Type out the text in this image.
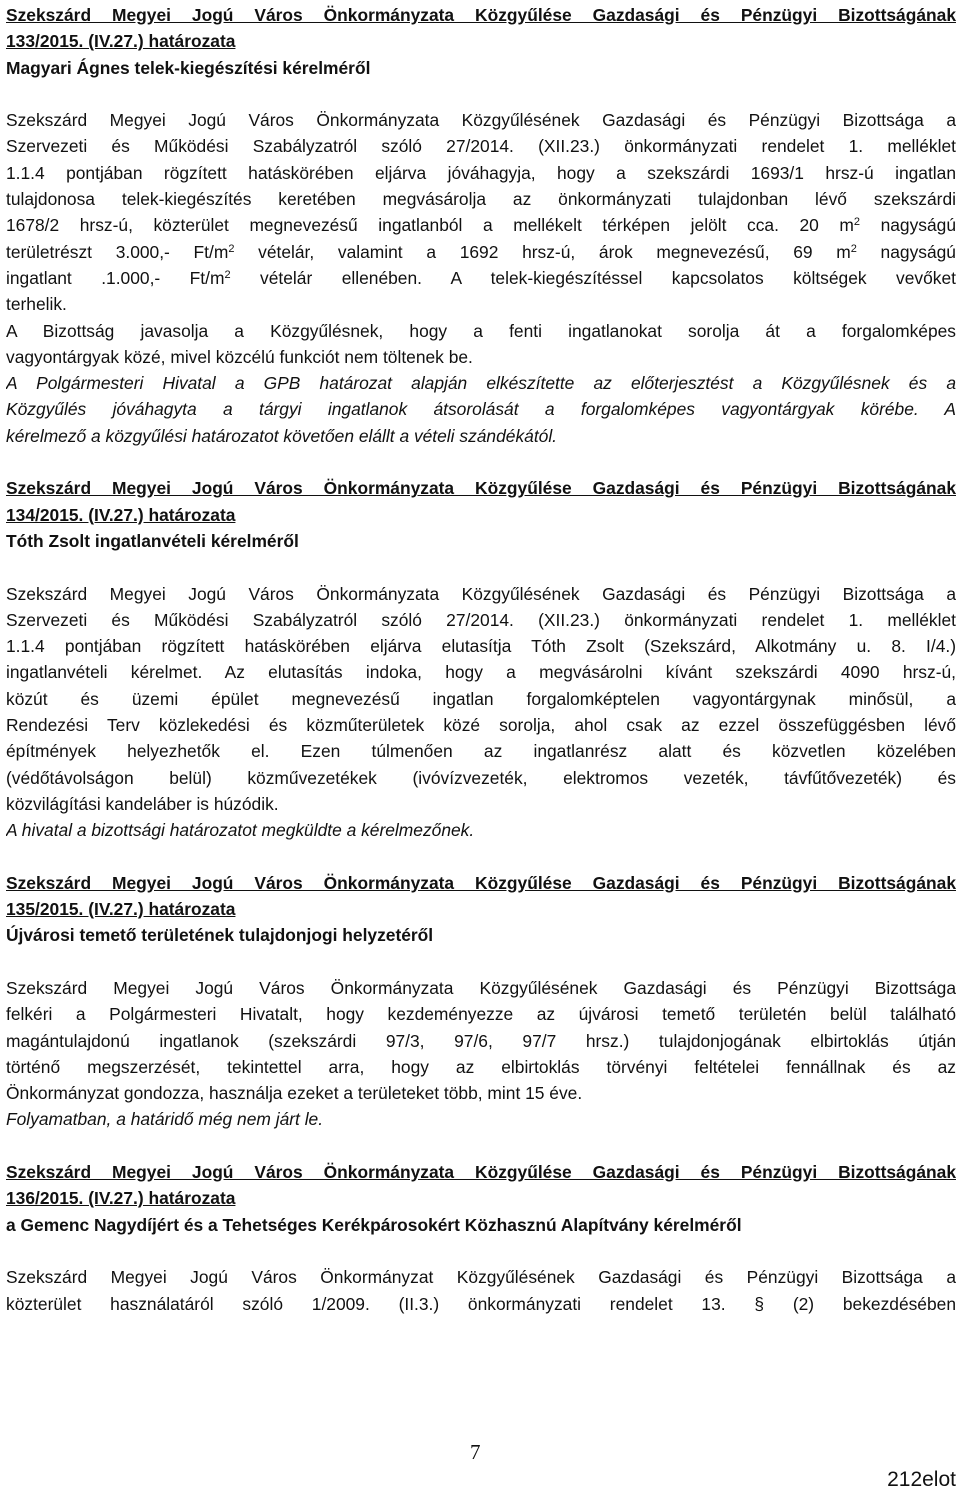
Szekszárd Megyei Jogú Város Önkormányzata Közgyűlése Gazdasági és Pénzügyi Bizottságának
133/2015. (IV.27.) határozata
Magyari Ágnes telek-kiegészítési kérelméről
Szekszárd Megyei Jogú Város Önkormányzata Közgyűlésének Gazdasági és Pénzügyi Bizottsága a
Szervezeti és Működési Szabályzatról szóló 27/2014. (XII.23.) önkormányzati rendelet 1. melléklet
1.1.4 pontjában rögzített hatáskörében eljárva jóváhagyja, hogy a szekszárdi 1693/1 hrsz-ú ingatlan
tulajdonosa telek-kiegészítés keretében megvásárolja az önkormányzati tulajdonban lévő szekszárdi
1678/2 hrsz-ú, közterület megnevezésű ingatlanból a mellékelt térképen jelölt cca. 20 $m^2$ nagyságú
területrészt 3.000,- $Ft/m^2$ vételár, valamint a 1692 hrsz-ú, árok megnevezésű, 69 $m^2$ nagyságú
ingatlant .1.000,- $Ft/m^2$ vételár ellenében. A telek-kiegészítéssel kapcsolatos költségek vevőket
terhelik.
A Bizottság javasolja a Közgyűlésnek, hogy a fenti ingatlanokat sorolja át a forgalomképes
vagyontárgyak közé, mivel közcélú funkciót nem töltenek be.
A Polgármesteri Hivatal a GPB határozat alapján elkészítette az előterjesztést a Közgyűlésnek és a
Közgyűlés jóváhagyta a tárgyi ingatlanok átsorolását a forgalomképes vagyontárgyak körébe. A
kérelmező a közgyűlési határozatot követően elállt a vételi szándékától.
Szekszárd Megyei Jogú Város Önkormányzata Közgyűlése Gazdasági és Pénzügyi Bizottságának
134/2015. (IV.27.) határozata
Tóth Zsolt ingatlanvételi kérelméről
Szekszárd Megyei Jogú Város Önkormányzata Közgyűlésének Gazdasági és Pénzügyi Bizottsága a
Szervezeti és Működési Szabályzatról szóló 27/2014. (XII.23.) önkormányzati rendelet 1. melléklet
1.1.4 pontjában rögzített hatáskörében eljárva elutasítja Tóth Zsolt (Szekszárd, Alkotmány u. 8. I/4.)
ingatlanvételi kérelmet. Az elutasítás indoka, hogy a megvásárolni kívánt szekszárdi 4090 hrsz-ú,
közút és üzemi épület megnevezésű ingatlan forgalomképtelen vagyontárgynak minősül, a
Rendezési Terv közlekedési és közműterületek közé sorolja, ahol csak az ezzel összefüggésben lévő
építmények helyezhetők el. Ezen túlmenően az ingatlanrész alatt és közvetlen közelében
(védőtávolságon belül) közművezetékek (ivóvízvezeték, elektromos vezeték, távfűtővezeték) és
közvilágítási kandeláber is húzódik.
A hivatal a bizottsági határozatot megküldte a kérelmezőnek.
Szekszárd Megyei Jogú Város Önkormányzata Közgyűlése Gazdasági és Pénzügyi Bizottságának
135/2015. (IV.27.) határozata
Újvárosi temető területének tulajdonjogi helyzetéről
Szekszárd Megyei Jogú Város Önkormányzata Közgyűlésének Gazdasági és Pénzügyi Bizottsága
felkéri a Polgármesteri Hivatalt, hogy kezdeményezze az újvárosi temető területén belül található
magántulajdonú ingatlanok (szekszárdi 97/3, 97/6, 97/7 hrsz.) tulajdonjogának elbirtoklás útján
történő megszerzését, tekintettel arra, hogy az elbirtoklás törvényi feltételei fennállnak és az
Önkormányzat gondozza, használja ezeket a területeket több, mint 15 éve.
Folyamatban, a határidő még nem járt le.
Szekszárd Megyei Jogú Város Önkormányzata Közgyűlése Gazdasági és Pénzügyi Bizottságának
136/2015. (IV.27.) határozata
a Gemenc Nagydíjért és a Tehetséges Kerékpárosokért Közhasznú Alapítvány kérelméről
Szekszárd Megyei Jogú Város Önkormányzat Közgyűlésének Gazdasági és Pénzügyi Bizottsága a
közterület használatáról szóló 1/2009. (II.3.) önkormányzati rendelet 13. § (2) bekezdésében
7
212elot
